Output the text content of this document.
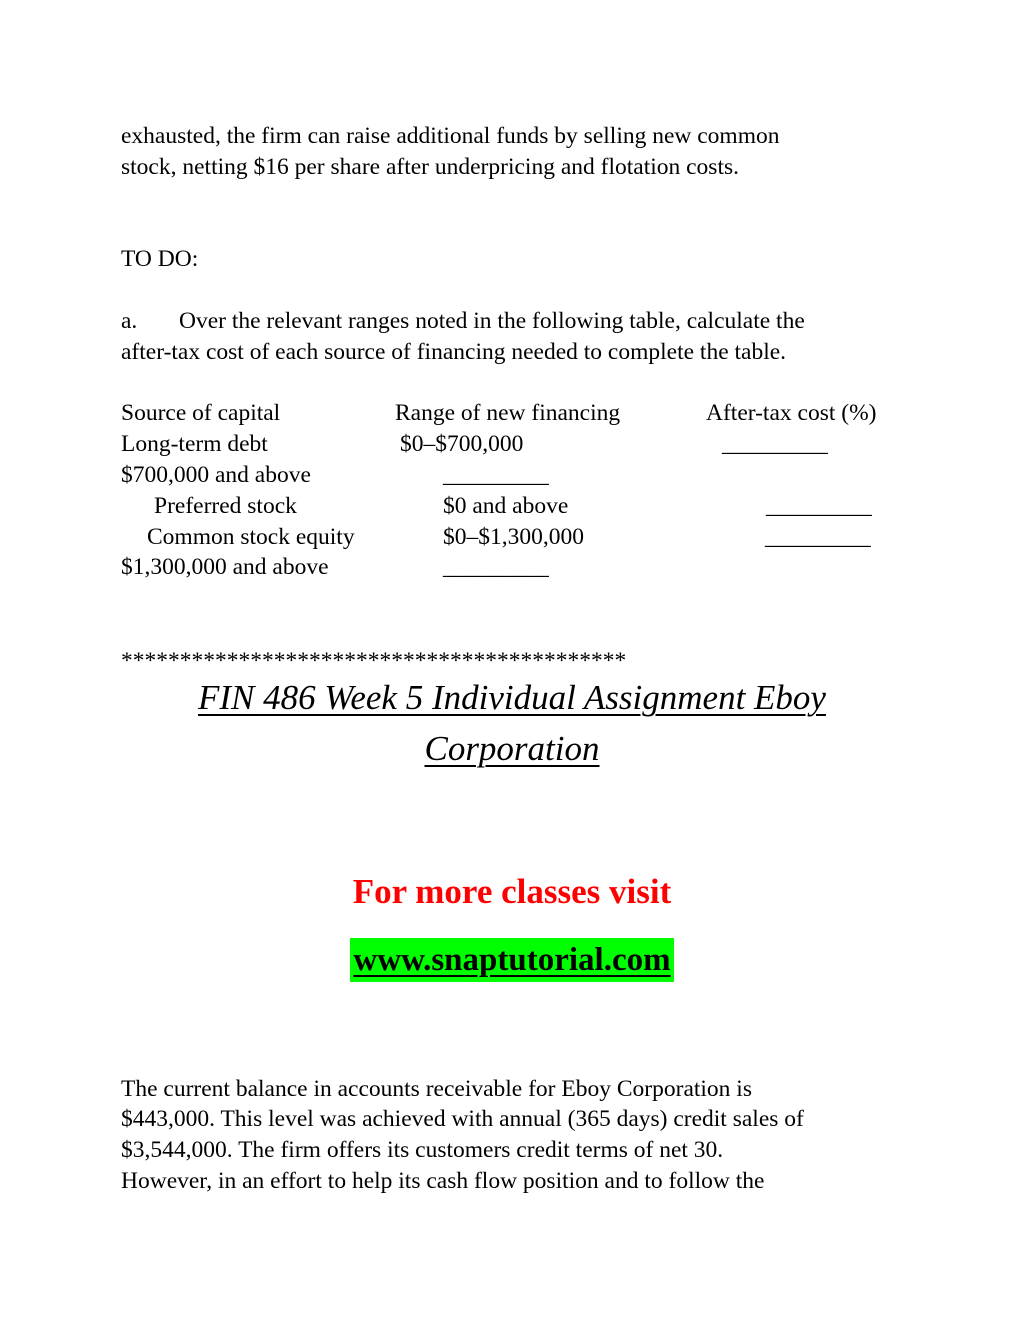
exhausted, the firm can raise additional funds by selling new common
stock, netting $16 per share after underpricing and flotation costs.
TO DO:
a. Over the relevant ranges noted in the following table, calculate the
after-tax cost of each source of financing needed to complete the table.
Source of capital	Range of new financing	After-tax cost (%)
Long-term debt	$0–$700,000	_________
$700,000 and above	_________
Preferred stock	$0 and above	_________
Common stock equity	$0–$1,300,000	_________
$1,300,000 and above	_________
*******************************************
FIN 486 Week 5 Individual Assignment Eboy
Corporation
For more classes visit
www.snaptutorial.com
The current balance in accounts receivable for Eboy Corporation is
$443,000. This level was achieved with annual (365 days) credit sales of
$3,544,000. The firm offers its customers credit terms of net 30.
However, in an effort to help its cash flow position and to follow the
